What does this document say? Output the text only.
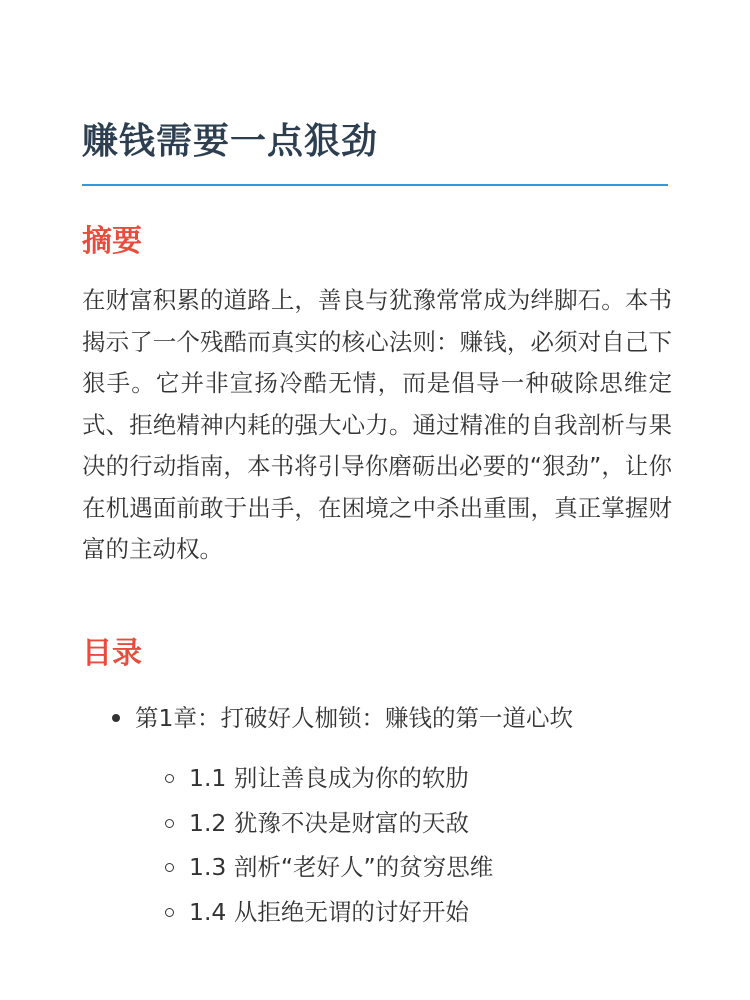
赚钱需要一点狠劲
摘要

在财富积累的道路上，善良与犹豫常常成为绊脚石。本书揭示了一个残酷而真实的核心法则：赚钱，必须对自己下狠手。它并非宣扬冷酷无情，而是倡导一种破除思维定式、拒绝精神内耗的强大心力。通过精准的自我剖析与果决的行动指南，本书将引导你磨砺出必要的“狠劲”，让你在机遇面前敢于出手，在困境之中杀出重围，真正掌握财富的主动权。

目录
第1章：打破好人枷锁：赚钱的第一道心坎
1.1 别让善良成为你的软肋
1.2 犹豫不决是财富的天敌
1.3 剖析“老好人”的贫穷思维
1.4 从拒绝无谓的讨好开始
